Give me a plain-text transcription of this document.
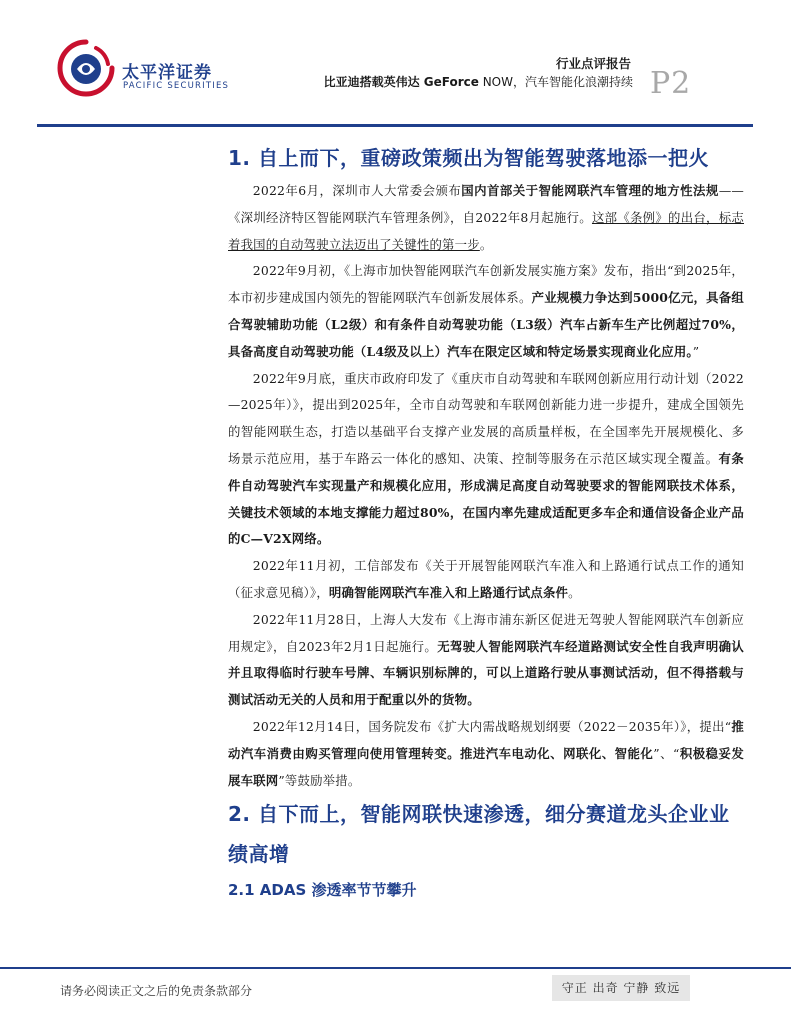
太平洋证券
PACIFIC SECURITIES
行业点评报告
比亚迪搭载英伟达 GeForce NOW，汽车智能化浪潮持续 P2
1. 自上而下，重磅政策频出为智能驾驶落地添一把火

2022年6月，深圳市人大常委会颁布国内首部关于智能网联汽车管理的地方性法规——《深圳经济特区智能网联汽车管理条例》，自2022年8月起施行。这部《条例》的出台，标志着我国的自动驾驶立法迈出了关键性的第一步。

2022年9月初，《上海市加快智能网联汽车创新发展实施方案》发布，指出“到2025年，本市初步建成国内领先的智能网联汽车创新发展体系。产业规模力争达到5000亿元，具备组合驾驶辅助功能（L2级）和有条件自动驾驶功能（L3级）汽车占新车生产比例超过70%，具备高度自动驾驶功能（L4级及以上）汽车在限定区域和特定场景实现商业化应用。”

2022年9月底，重庆市政府印发了《重庆市自动驾驶和车联网创新应用行动计划（2022—2025年）》，提出到2025年，全市自动驾驶和车联网创新能力进一步提升，建成全国领先的智能网联生态，打造以基础平台支撑产业发展的高质量样板，在全国率先开展规模化、多场景示范应用，基于车路云一体化的感知、决策、控制等服务在示范区域实现全覆盖。有条件自动驾驶汽车实现量产和规模化应用，形成满足高度自动驾驶要求的智能网联技术体系，关键技术领域的本地支撑能力超过80%，在国内率先建成适配更多车企和通信设备企业产品的C—V2X网络。

2022年11月初，工信部发布《关于开展智能网联汽车准入和上路通行试点工作的通知（征求意见稿）》，明确智能网联汽车准入和上路通行试点条件。

2022年11月28日，上海人大发布《上海市浦东新区促进无驾驶人智能网联汽车创新应用规定》，自2023年2月1日起施行。无驾驶人智能网联汽车经道路测试安全性自我声明确认并且取得临时行驶车号牌、车辆识别标牌的，可以上道路行驶从事测试活动，但不得搭载与测试活动无关的人员和用于配重以外的货物。

2022年12月14日，国务院发布《扩大内需战略规划纲要（2022－2035年）》，提出“推动汽车消费由购买管理向使用管理转变。推进汽车电动化、网联化、智能化”、“积极稳妥发展车联网”等鼓励举措。

2. 自下而上，智能网联快速渗透，细分赛道龙头企业业绩高增
2.1 ADAS 渗透率节节攀升
请务必阅读正文之后的免责条款部分	守正 出奇 宁静 致远
